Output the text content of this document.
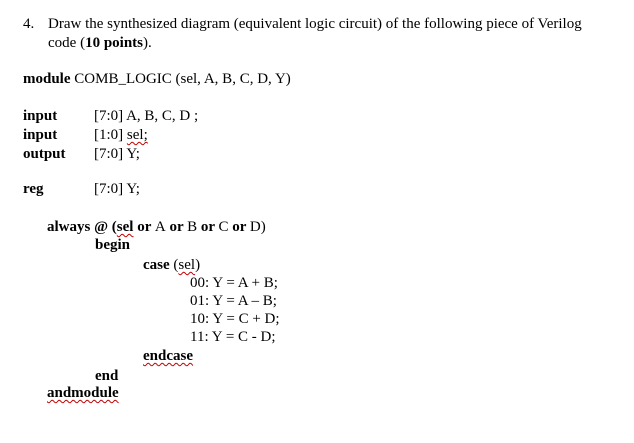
4. Draw the synthesized diagram (equivalent logic circuit) of the following piece of Verilog
code (10 points).
module COMB_LOGIC (sel, A, B, C, D, Y)
input [7:0] A, B, C, D ;
input [1:0] sel;
output [7:0] Y;
reg	[7:0] Y;
always @ (sel or A or B or C or D)
begin
case (sel)
00: Y = A + B;
01: Y = A – B;
10: Y = C + D;
11: Y = C - D;
endcase
end
andmodule
